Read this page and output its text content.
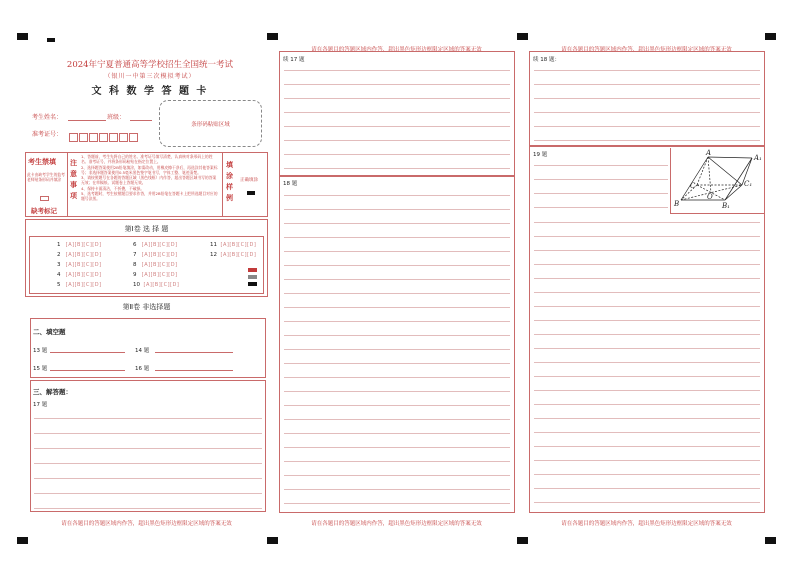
2024年宁夏普通高等学校招生全国统一考试
（银川一中第三次模拟考试）
文 科 数 学 答 题 卡
考生姓名：	班级：
准考证号：
条形码粘贴区域
考生禁填
此卡由缺考学生的监考老师贴条形码并填涂
缺考标记
注意事项
1、答题前，考生先将自己的姓名、准考证号填写清楚，认真核对条形码上的姓名、准考证号，并将条形码粘贴在指定位置上。
2、选择题答案使用2B铅笔填涂，如需改动，用橡皮擦干净后，再选涂其他答案标号；非选择题答案使用0.5毫米黑色签字笔书写，字体工整、笔迹清楚。
3、请按照题号在各题的答题区域（黑色线框）内作答，超出答题区域书写的答案无效；在草稿纸、试题卷上答题无效。
4、保持卡面清洁，不折叠，不破损。
5、选考题时，考生按照题目要求作答，并用2B铅笔在答题卡上把所选题目对应的题号涂黑。
填涂样例
正确填涂
第Ⅰ卷 选 择 题
1 [A][B][C][D]
2 [A][B][C][D]
3 [A][B][C][D]
4 [A][B][C][D]
5 [A][B][C][D]
6 [A][B][C][D]
7 [A][B][C][D]
8 [A][B][C][D]
9 [A][B][C][D]
10 [A][B][C][D]
11 [A][B][C][D]
12 [A][B][C][D]
第Ⅱ卷 非选择题
二、填空题
13 题	14 题
15 题	16 题
三、解答题：
17 题
请在各题目的答题区域内作答，超出黑色矩形边框限定区域的答案无效
请在各题目的答题区域内作答，超出黑色矩形边框限定区域的答案无效
续 17 题
18 题
请在各题目的答题区域内作答，超出黑色矩形边框限定区域的答案无效
请在各题目的答题区域内作答，超出黑色矩形边框限定区域的答案无效
续 18 题：
19 题	A
A₁
C	C₁
B
O
B₁
请在各题目的答题区域内作答，超出黑色矩形边框限定区域的答案无效
